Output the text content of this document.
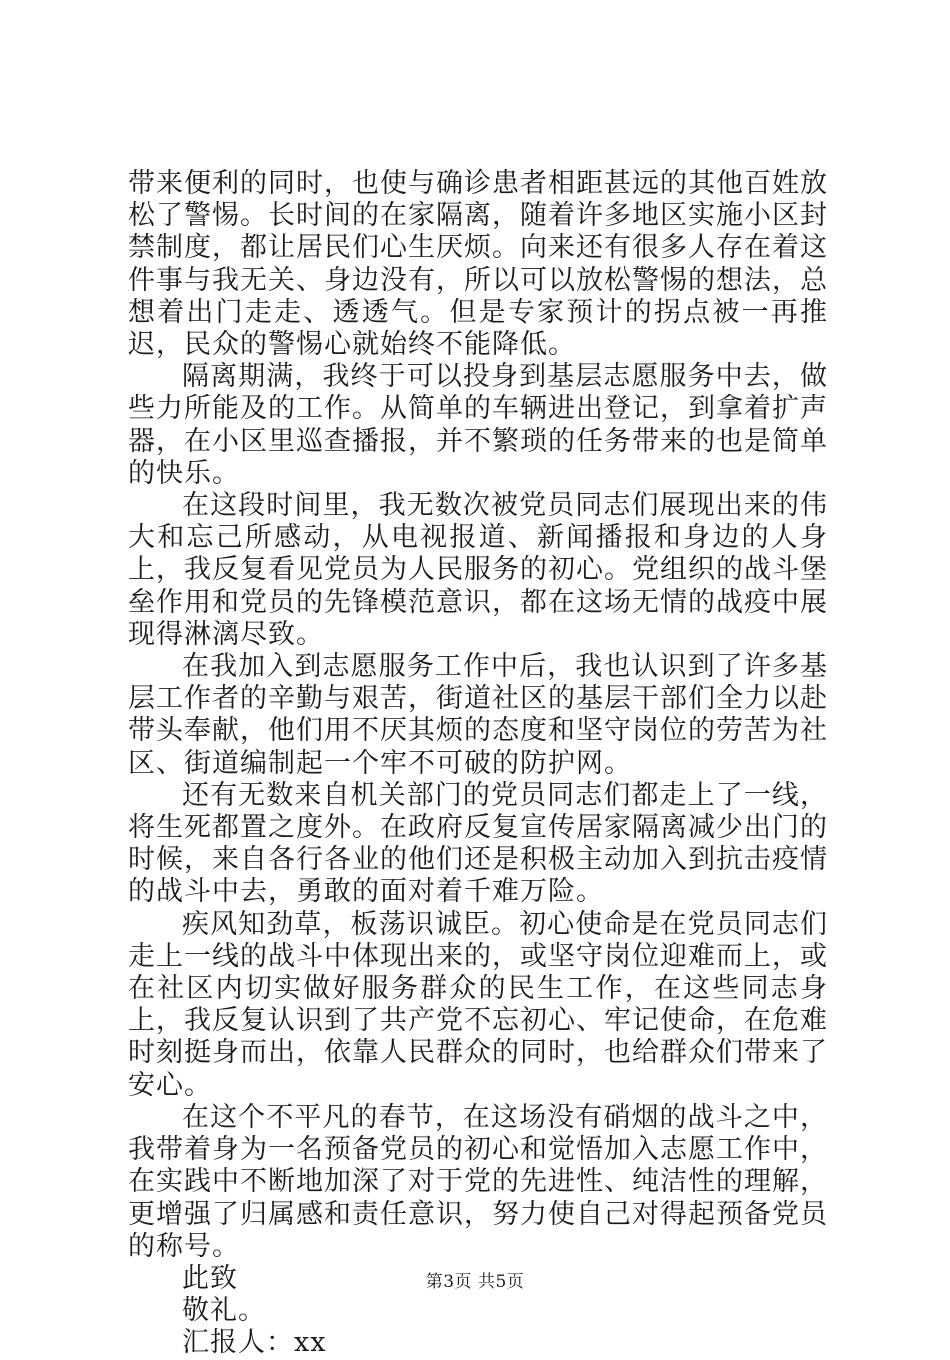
带来便利的同时，也使与确诊患者相距甚远的其他百姓放松了警惕。长时间的在家隔离，随着许多地区实施小区封禁制度，都让居民们心生厌烦。向来还有很多人存在着这件事与我无关、身边没有，所以可以放松警惕的想法，总想着出门走走、透透气。但是专家预计的拐点被一再推迟，民众的警惕心就始终不能降低。

隔离期满，我终于可以投身到基层志愿服务中去，做些力所能及的工作。从简单的车辆进出登记，到拿着扩声器，在小区里巡查播报，并不繁琐的任务带来的也是简单的快乐。

在这段时间里，我无数次被党员同志们展现出来的伟大和忘己所感动，从电视报道、新闻播报和身边的人身上，我反复看见党员为人民服务的初心。党组织的战斗堡垒作用和党员的先锋模范意识，都在这场无情的战疫中展现得淋漓尽致。

在我加入到志愿服务工作中后，我也认识到了许多基层工作者的辛勤与艰苦，街道社区的基层干部们全力以赴带头奉献，他们用不厌其烦的态度和坚守岗位的劳苦为社区、街道编制起一个牢不可破的防护网。

还有无数来自机关部门的党员同志们都走上了一线，将生死都置之度外。在政府反复宣传居家隔离减少出门的时候，来自各行各业的他们还是积极主动加入到抗击疫情的战斗中去，勇敢的面对着千难万险。

疾风知劲草，板荡识诚臣。初心使命是在党员同志们走上一线的战斗中体现出来的，或坚守岗位迎难而上，或在社区内切实做好服务群众的民生工作，在这些同志身上，我反复认识到了共产党不忘初心、牢记使命，在危难时刻挺身而出，依靠人民群众的同时，也给群众们带来了安心。

在这个不平凡的春节，在这场没有硝烟的战斗之中，我带着身为一名预备党员的初心和觉悟加入志愿工作中，在实践中不断地加深了对于党的先进性、纯洁性的理解，更增强了归属感和责任意识，努力使自己对得起预备党员的称号。

此致

敬礼。

汇报人：xx

第3页 共5页
